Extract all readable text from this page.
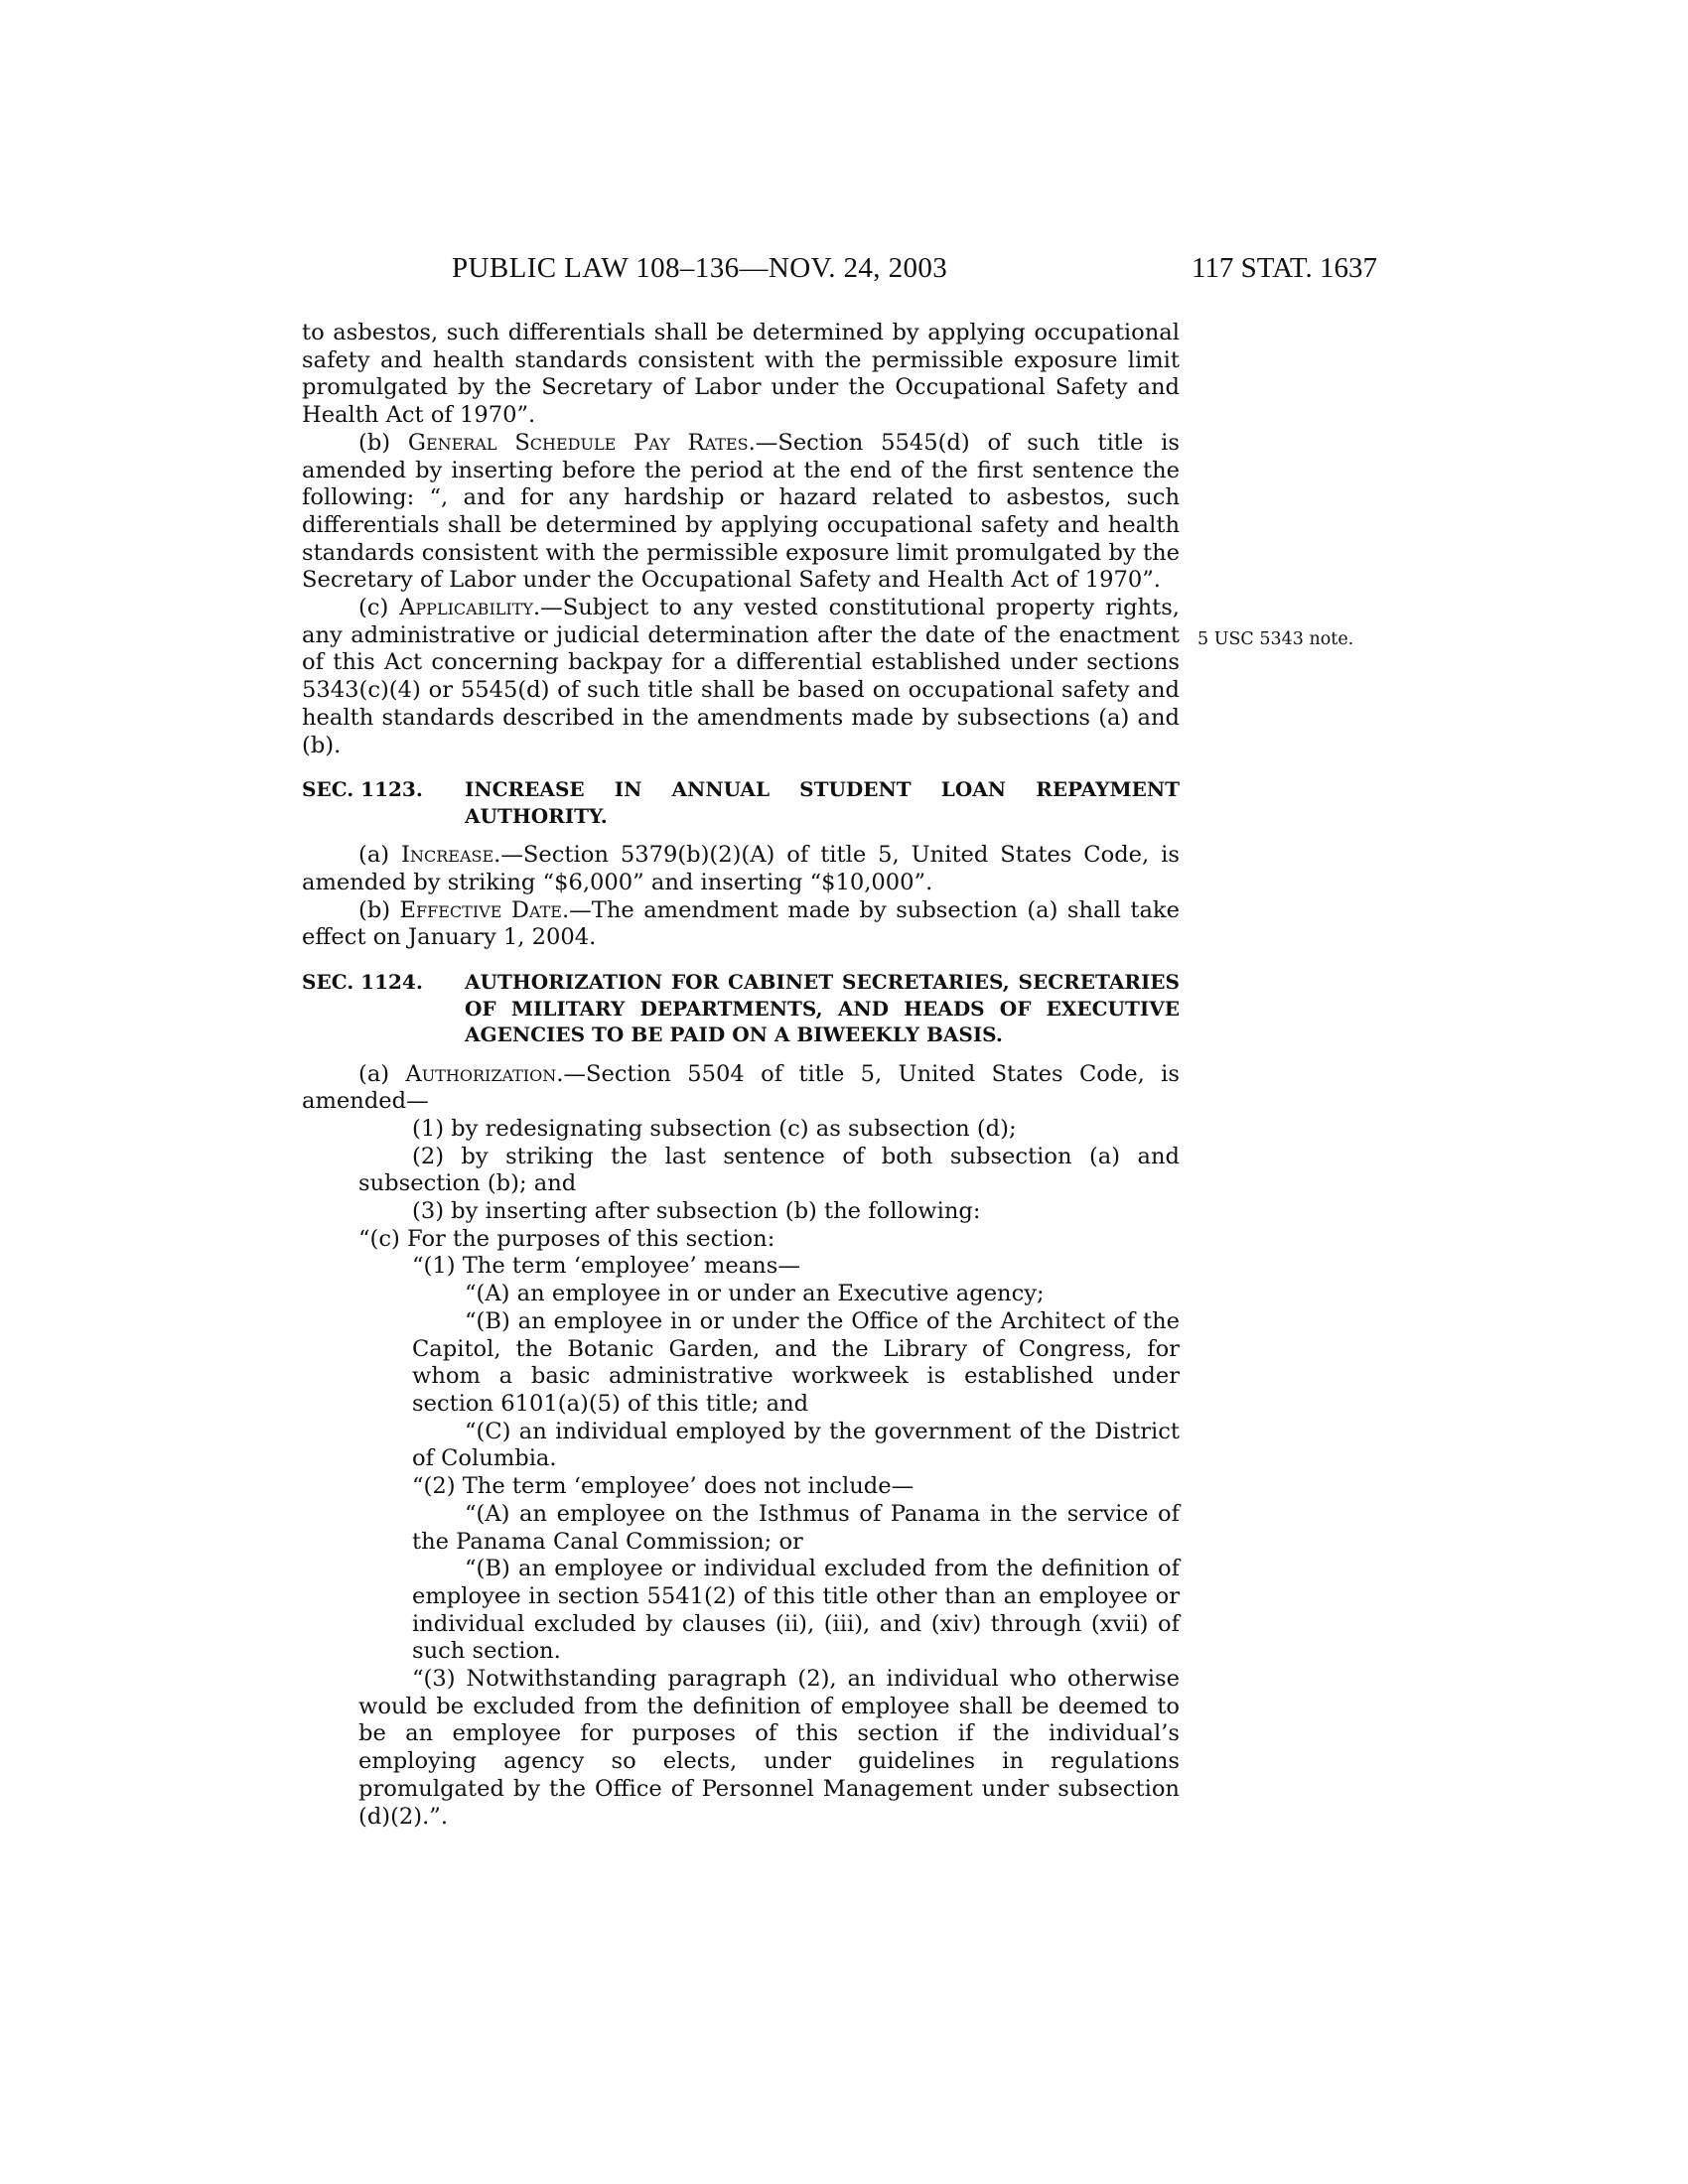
PUBLIC LAW 108–136—NOV. 24, 2003	117 STAT. 1637
5 USC 5343 note.

to asbestos, such differentials shall be determined by applying occupational safety and health standards consistent with the permissible exposure limit promulgated by the Secretary of Labor under the Occupational Safety and Health Act of 1970”.

(b) General Schedule Pay Rates.—Section 5545(d) of such title is amended by inserting before the period at the end of the first sentence the following: “, and for any hardship or hazard related to asbestos, such differentials shall be determined by applying occupational safety and health standards consistent with the permissible exposure limit promulgated by the Secretary of Labor under the Occupational Safety and Health Act of 1970”.

(c) Applicability.—Subject to any vested constitutional property rights, any administrative or judicial determination after the date of the enactment of this Act concerning backpay for a differential established under sections 5343(c)(4) or 5545(d) of such title shall be based on occupational safety and health standards described in the amendments made by subsections (a) and (b).

SEC. 1123. INCREASE IN ANNUAL STUDENT LOAN REPAYMENT AUTHORITY.

(a) Increase.—Section 5379(b)(2)(A) of title 5, United States Code, is amended by striking “$6,000” and inserting “$10,000”.

(b) Effective Date.—The amendment made by subsection (a) shall take effect on January 1, 2004.

SEC. 1124. AUTHORIZATION FOR CABINET SECRETARIES, SECRETARIES OF MILITARY DEPARTMENTS, AND HEADS OF EXECUTIVE AGENCIES TO BE PAID ON A BIWEEKLY BASIS.

(a) Authorization.—Section 5504 of title 5, United States Code, is amended—

(1) by redesignating subsection (c) as subsection (d);

(2) by striking the last sentence of both subsection (a) and subsection (b); and

(3) by inserting after subsection (b) the following:

“(c) For the purposes of this section:

“(1) The term ‘employee’ means—

“(A) an employee in or under an Executive agency;

“(B) an employee in or under the Office of the Architect of the Capitol, the Botanic Garden, and the Library of Congress, for whom a basic administrative workweek is established under section 6101(a)(5) of this title; and

“(C) an individual employed by the government of the District of Columbia.

“(2) The term ‘employee’ does not include—

“(A) an employee on the Isthmus of Panama in the service of the Panama Canal Commission; or

“(B) an employee or individual excluded from the definition of employee in section 5541(2) of this title other than an employee or individual excluded by clauses (ii), (iii), and (xiv) through (xvii) of such section.

“(3) Notwithstanding paragraph (2), an individual who otherwise would be excluded from the definition of employee shall be deemed to be an employee for purposes of this section if the individual’s employing agency so elects, under guidelines in regulations promulgated by the Office of Personnel Management under subsection (d)(2).”.
